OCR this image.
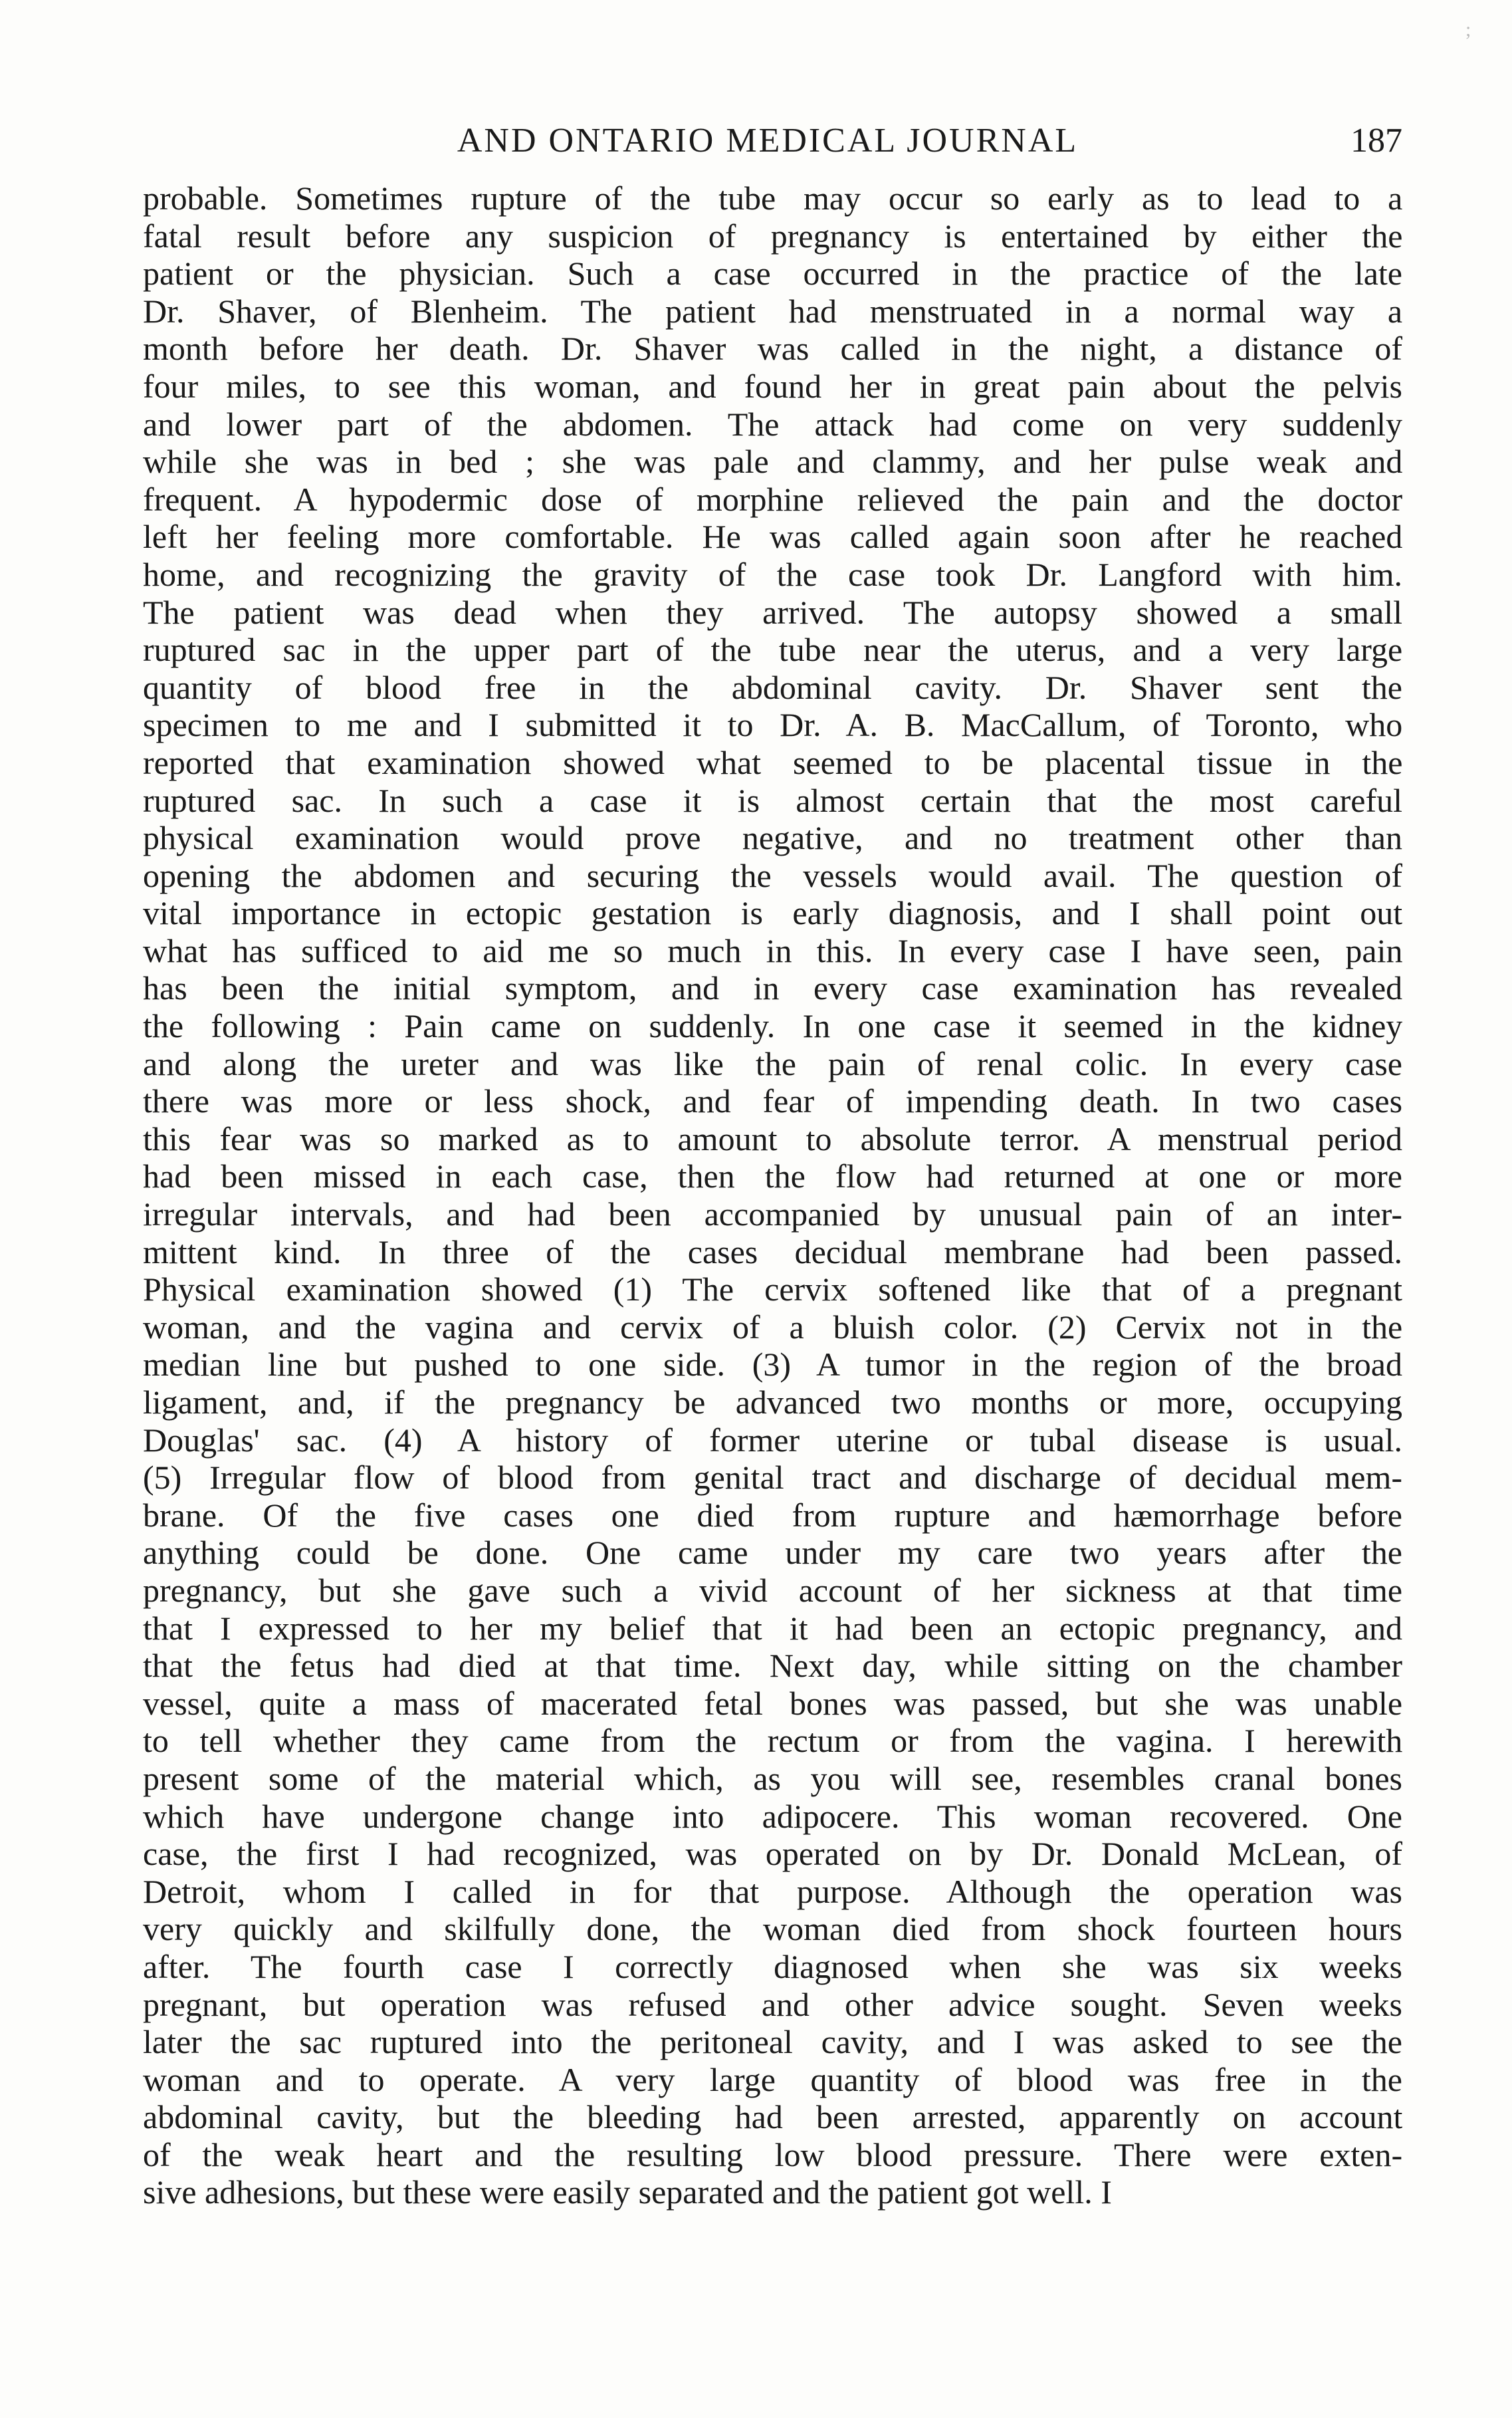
;
AND ONTARIO MEDICAL JOURNAL	187
probable. Sometimes rupture of the tube may occur so early as to lead to a
fatal result before any suspicion of pregnancy is entertained by either the
patient or the physician. Such a case occurred in the practice of the late
Dr. Shaver, of Blenheim. The patient had menstruated in a normal way a
month before her death. Dr. Shaver was called in the night, a distance of
four miles, to see this woman, and found her in great pain about the pelvis
and lower part of the abdomen. The attack had come on very suddenly
while she was in bed ; she was pale and clammy, and her pulse weak and
frequent. A hypodermic dose of morphine relieved the pain and the doctor
left her feeling more comfortable. He was called again soon after he reached
home, and recognizing the gravity of the case took Dr. Langford with him.
The patient was dead when they arrived. The autopsy showed a small
ruptured sac in the upper part of the tube near the uterus, and a very large
quantity of blood free in the abdominal cavity. Dr. Shaver sent the
specimen to me and I submitted it to Dr. A. B. MacCallum, of Toronto, who
reported that examination showed what seemed to be placental tissue in the
ruptured sac. In such a case it is almost certain that the most careful
physical examination would prove negative, and no treatment other than
opening the abdomen and securing the vessels would avail. The question of
vital importance in ectopic gestation is early diagnosis, and I shall point out
what has sufficed to aid me so much in this. In every case I have seen, pain
has been the initial symptom, and in every case examination has revealed
the following : Pain came on suddenly. In one case it seemed in the kidney
and along the ureter and was like the pain of renal colic. In every case
there was more or less shock, and fear of impending death. In two cases
this fear was so marked as to amount to absolute terror. A menstrual period
had been missed in each case, then the flow had returned at one or more
irregular intervals, and had been accompanied by unusual pain of an inter-
mittent kind. In three of the cases decidual membrane had been passed.
Physical examination showed (1) The cervix softened like that of a pregnant
woman, and the vagina and cervix of a bluish color. (2) Cervix not in the
median line but pushed to one side. (3) A tumor in the region of the broad
ligament, and, if the pregnancy be advanced two months or more, occupying
Douglas' sac. (4) A history of former uterine or tubal disease is usual.
(5) Irregular flow of blood from genital tract and discharge of decidual mem-
brane. Of the five cases one died from rupture and hæmorrhage before
anything could be done. One came under my care two years after the
pregnancy, but she gave such a vivid account of her sickness at that time
that I expressed to her my belief that it had been an ectopic pregnancy, and
that the fetus had died at that time. Next day, while sitting on the chamber
vessel, quite a mass of macerated fetal bones was passed, but she was unable
to tell whether they came from the rectum or from the vagina. I herewith
present some of the material which, as you will see, resembles cranal bones
which have undergone change into adipocere. This woman recovered. One
case, the first I had recognized, was operated on by Dr. Donald McLean, of
Detroit, whom I called in for that purpose. Although the operation was
very quickly and skilfully done, the woman died from shock fourteen hours
after. The fourth case I correctly diagnosed when she was six weeks
pregnant, but operation was refused and other advice sought. Seven weeks
later the sac ruptured into the peritoneal cavity, and I was asked to see the
woman and to operate. A very large quantity of blood was free in the
abdominal cavity, but the bleeding had been arrested, apparently on account
of the weak heart and the resulting low blood pressure. There were exten-
sive adhesions, but these were easily separated and the patient got well. I
